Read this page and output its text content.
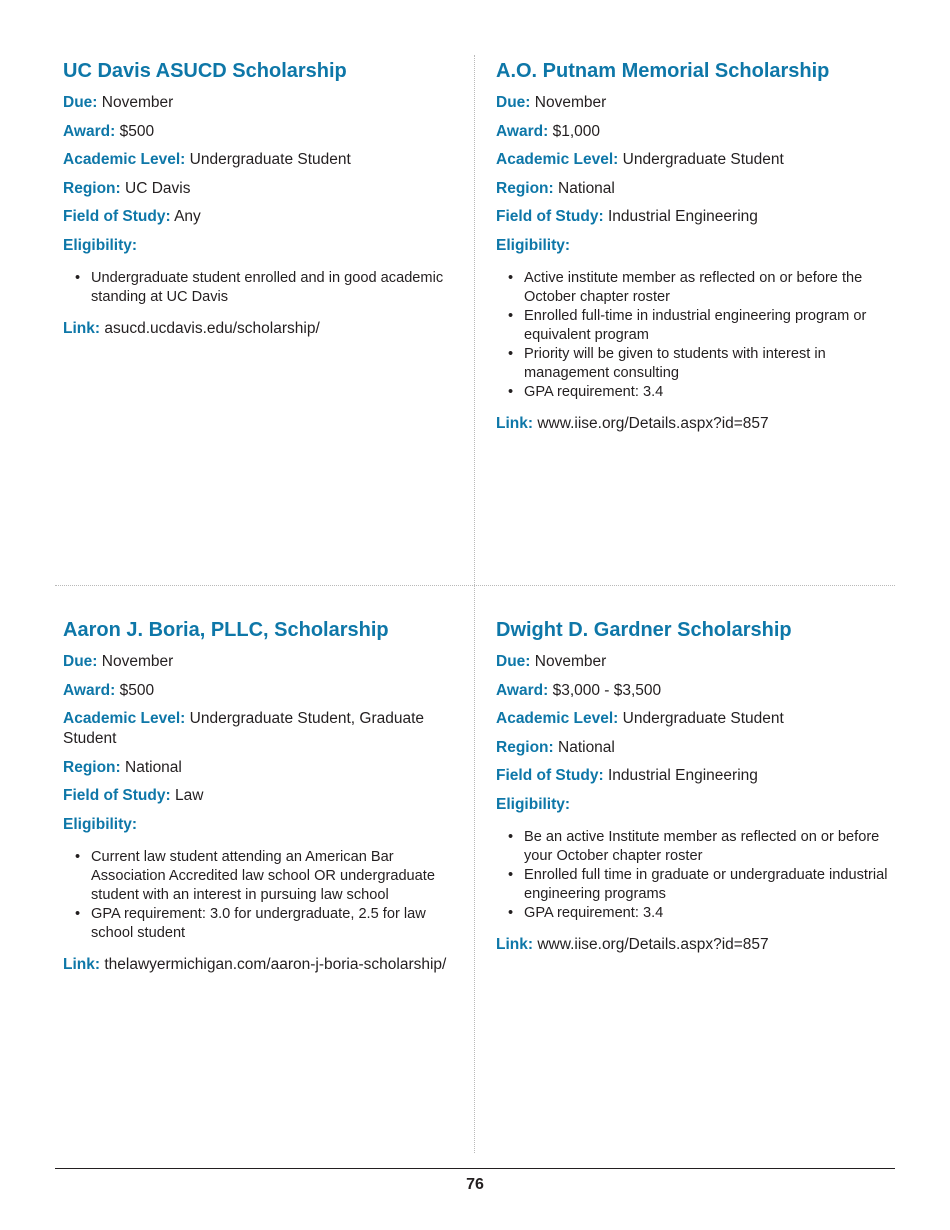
UC Davis ASUCD Scholarship

Due: November

Award: $500

Academic Level: Undergraduate Student

Region: UC Davis

Field of Study: Any

Eligibility:

• Undergraduate student enrolled and in good academic standing at UC Davis

Link: asucd.ucdavis.edu/scholarship/

A.O. Putnam Memorial Scholarship

Due: November

Award: $1,000

Academic Level: Undergraduate Student

Region: National

Field of Study: Industrial Engineering

Eligibility:

• Active institute member as reflected on or before the October chapter roster
• Enrolled full-time in industrial engineering program or equivalent program
• Priority will be given to students with interest in management consulting
• GPA requirement: 3.4

Link: www.iise.org/Details.aspx?id=857

Aaron J. Boria, PLLC, Scholarship

Due: November

Award: $500

Academic Level: Undergraduate Student, Graduate Student

Region: National

Field of Study: Law

Eligibility:

• Current law student attending an American Bar Association Accredited law school OR undergraduate student with an interest in pursuing law school
• GPA requirement: 3.0 for undergraduate, 2.5 for law school student

Link: thelawyermichigan.com/aaron-j-boria-scholarship/

Dwight D. Gardner Scholarship

Due: November

Award: $3,000 - $3,500

Academic Level: Undergraduate Student

Region: National

Field of Study: Industrial Engineering

Eligibility:

• Be an active Institute member as reflected on or before your October chapter roster
• Enrolled full time in graduate or undergraduate industrial engineering programs
• GPA requirement: 3.4

Link: www.iise.org/Details.aspx?id=857

76
